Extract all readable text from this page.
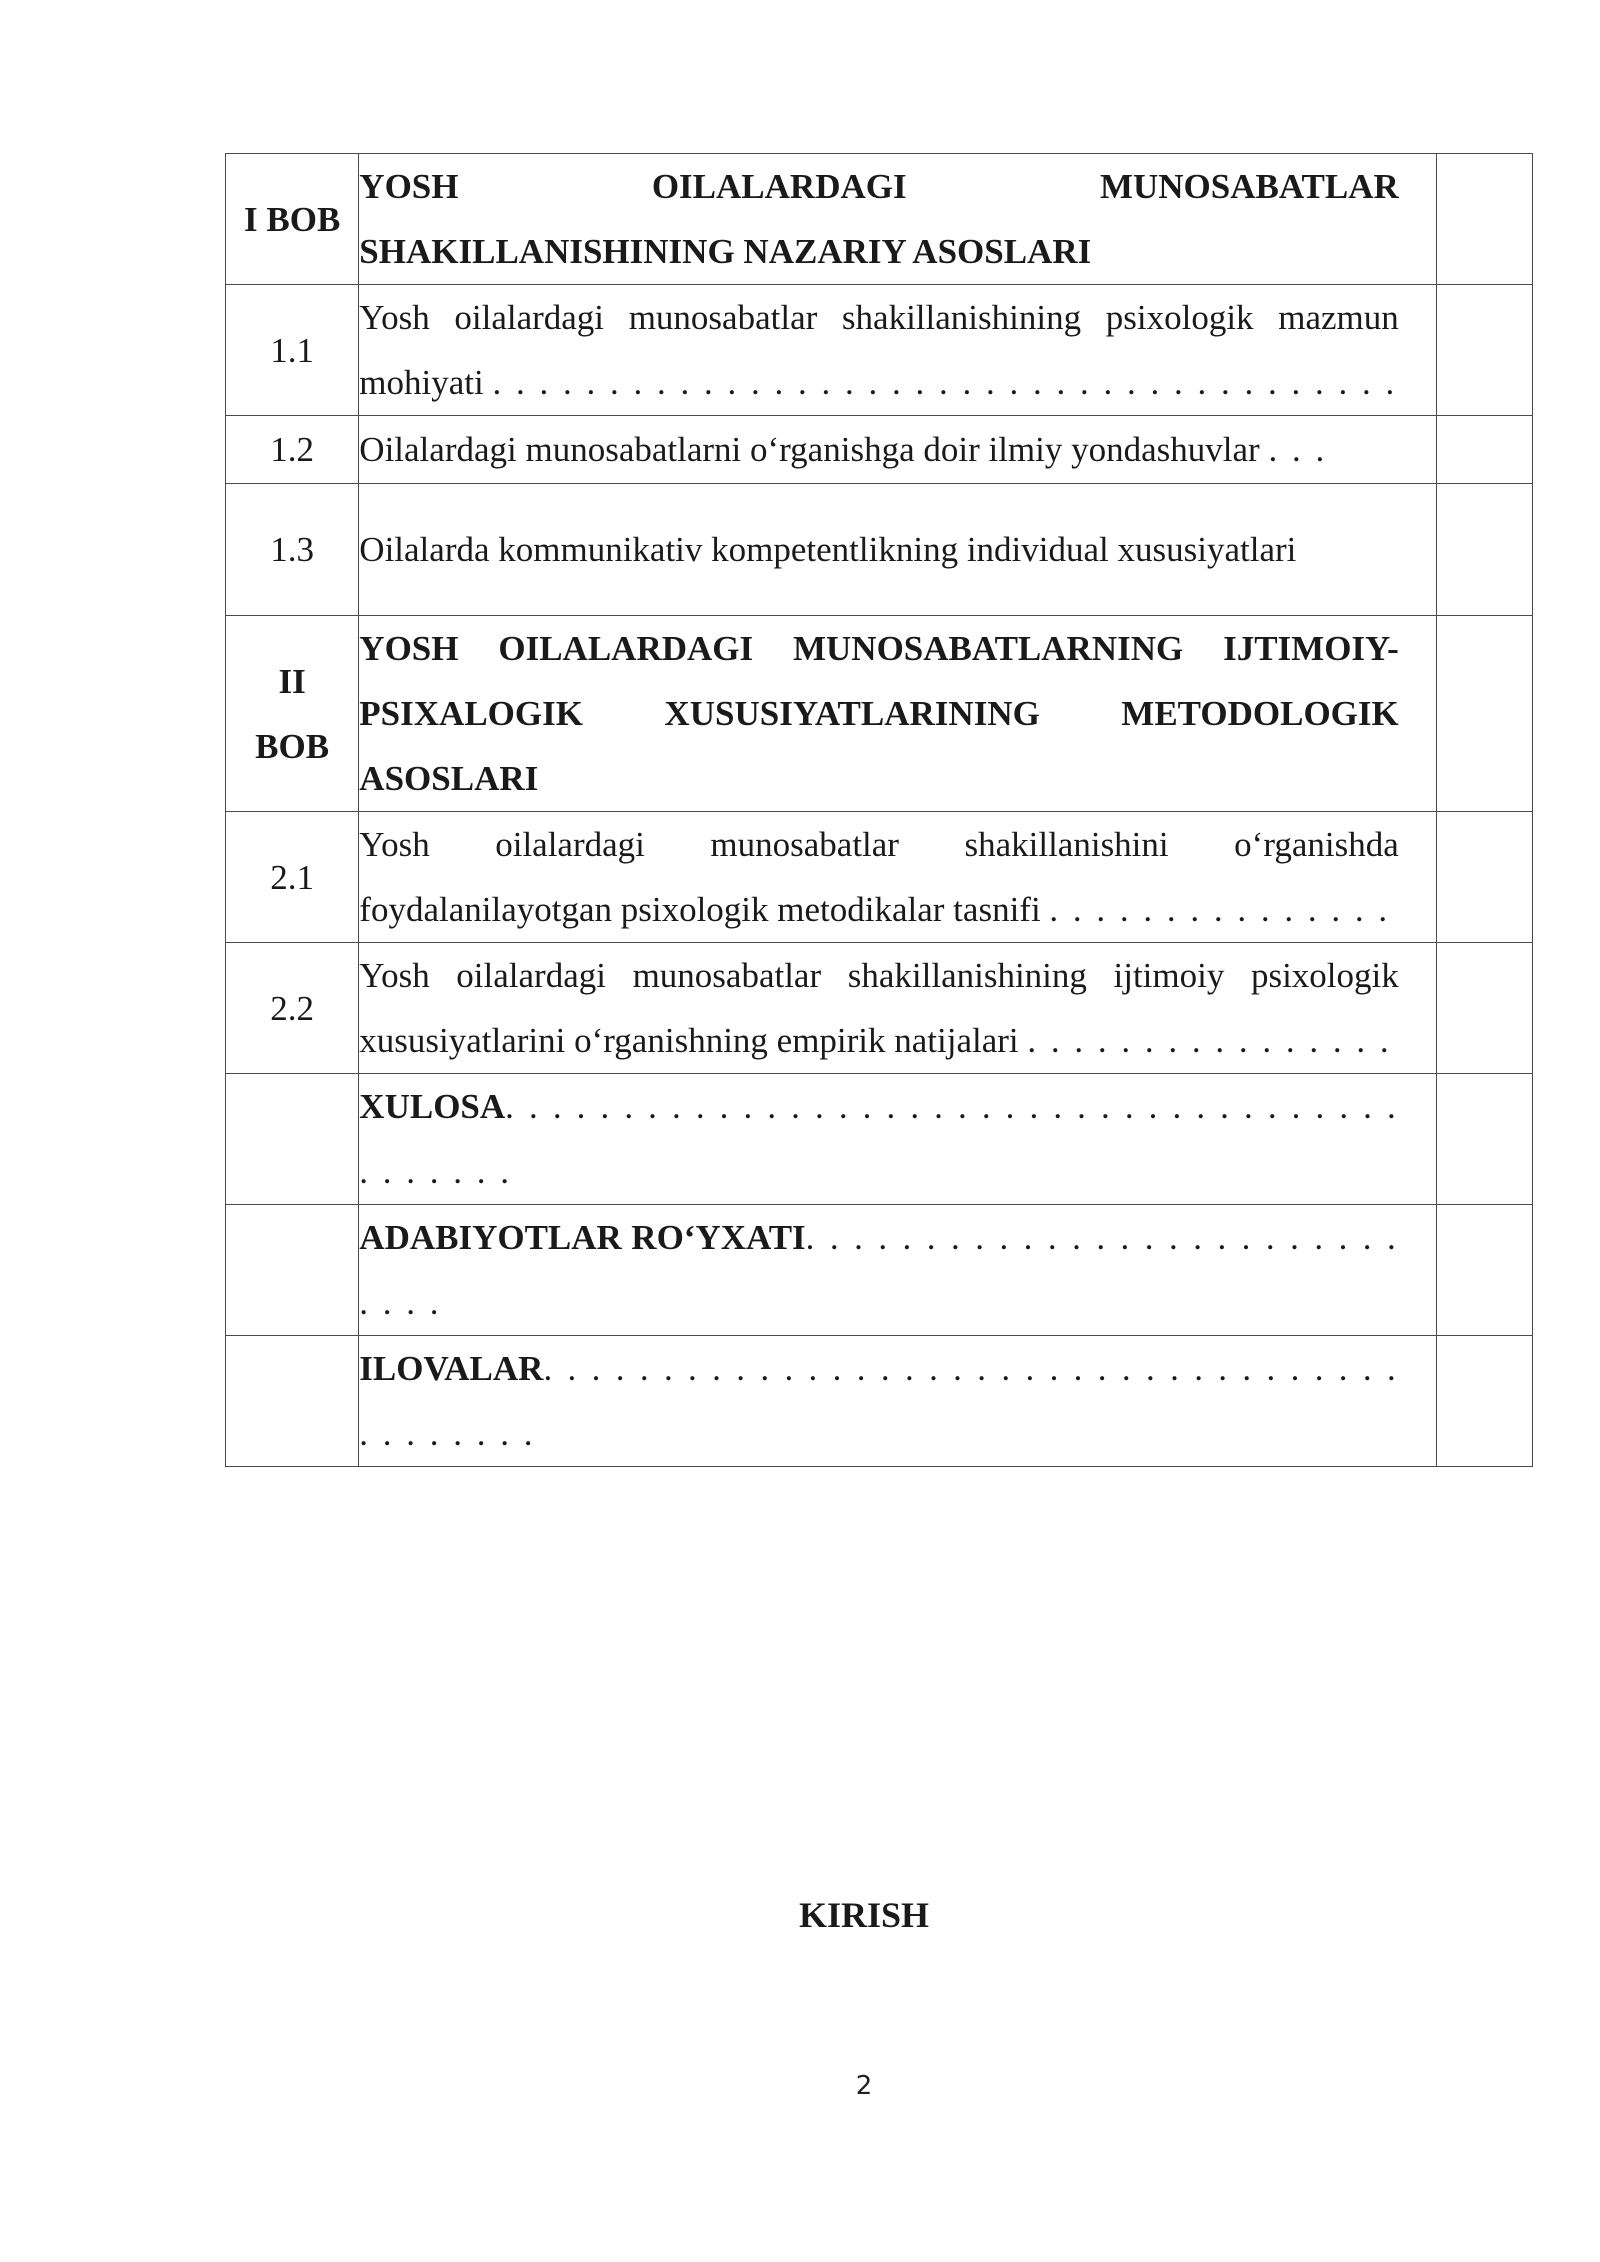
I BOB	YOSH OILALARDAGI MUNOSABATLAR SHAKILLANISHINING NAZARIY ASOSLARI	

1.1	Yosh oilalardagi munosabatlar shakillanishining psixologik mazmun mohiyati . . . . . . . . . . . . . . . . . . . . . . . . . . . . . . . . . . . . . . .	

1.2	Oilalardagi munosabatlarni o‘rganishga doir ilmiy yondashuvlar . . .	

1.3	Oilalarda kommunikativ kompetentlikning individual xususiyatlari	

II BOB	YOSH OILALARDAGI MUNOSABATLARNING IJTIMOIY-PSIXALOGIK XUSUSIYATLARINING METODOLOGIK ASOSLARI	

2.1	Yosh oilalardagi munosabatlar shakillanishini o‘rganishda foydalanilayotgan psixologik metodikalar tasnifi . . . . . . . . . . . . . . .	

2.2	Yosh oilalardagi munosabatlar shakillanishining ijtimoiy psixologik xususiyatlarini o‘rganishning empirik natijalari . . . . . . . . . . . . . . . .	

	XULOSA. . . . . . . . . . . . . . . . . . . . . . . . . . . . . . . . . . . . . . . . . . . . .	

	ADABIYOTLAR RO‘YXATI. . . . . . . . . . . . . . . . . . . . . . . . . . . . .	

	ILOVALAR. . . . . . . . . . . . . . . . . . . . . . . . . . . . . . . . . . . . . . . . . . . .	

KIRISH
2
